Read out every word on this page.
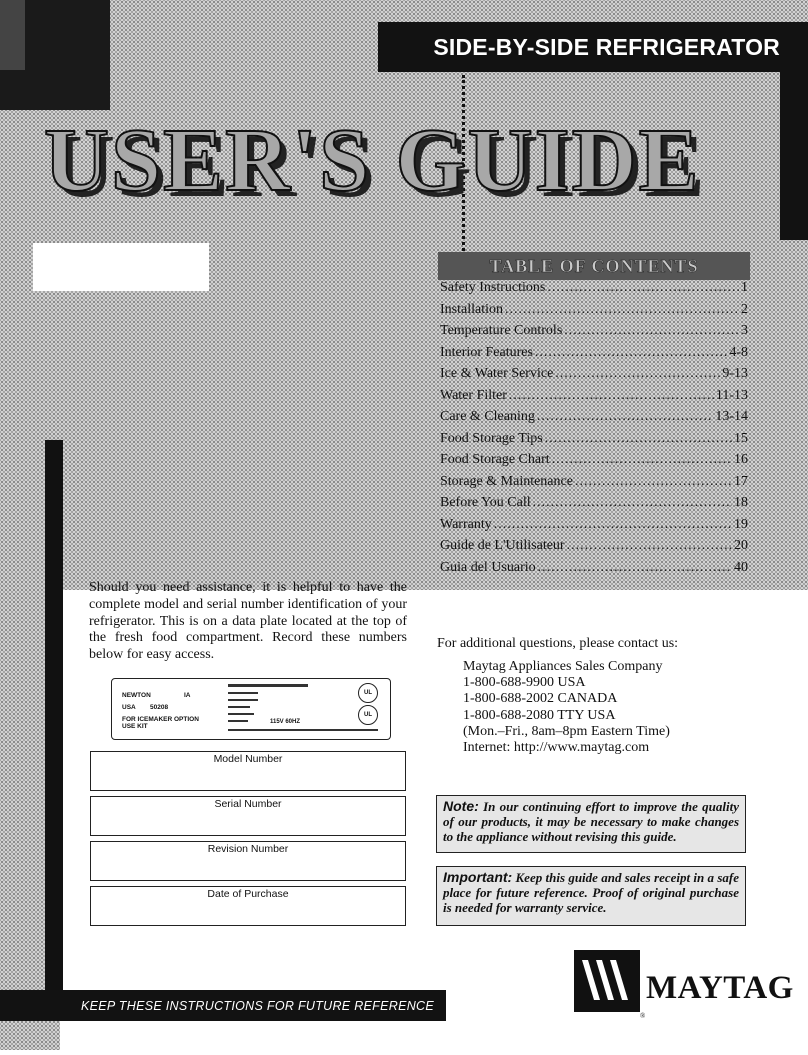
SIDE-BY-SIDE REFRIGERATOR
USER'S GUIDE
TABLE OF CONTENTS
Safety Instructions .....	1
Installation .....	2
Temperature Controls .....	3
Interior Features .....	4-8
Ice & Water Service .....	9-13
Water Filter .....	11-13
Care & Cleaning .....	13-14
Food Storage Tips .....	15
Food Storage Chart .....	16
Storage & Maintenance .....	17
Before You Call .....	18
Warranty .....	19
Guide de L'Utilisateur .....	20
Guia del Usuario .....	40
Should you need assistance, it is helpful to have the complete model and serial number identification of your refrigerator. This is on a data plate located at the top of the fresh food compartment. Record these numbers below for easy access.
NEWTON	IA
USA 50208
FOR ICEMAKER OPTION
USE KIT
115V 60HZ
UL
UL
Model Number
Serial Number
Revision Number
Date of Purchase
For additional questions, please contact us:
Maytag Appliances Sales Company
1-800-688-9900 USA
1-800-688-2002 CANADA
1-800-688-2080 TTY USA
(Mon.–Fri., 8am–8pm Eastern Time)
Internet: http://www.maytag.com
Note: In our continuing effort to improve the quality of our products, it may be necessary to make changes to the appliance without revising this guide.
Important: Keep this guide and sales receipt in a safe place for future reference. Proof of original purchase is needed for warranty service.
KEEP THESE INSTRUCTIONS FOR FUTURE REFERENCE	MAYTAG
®
